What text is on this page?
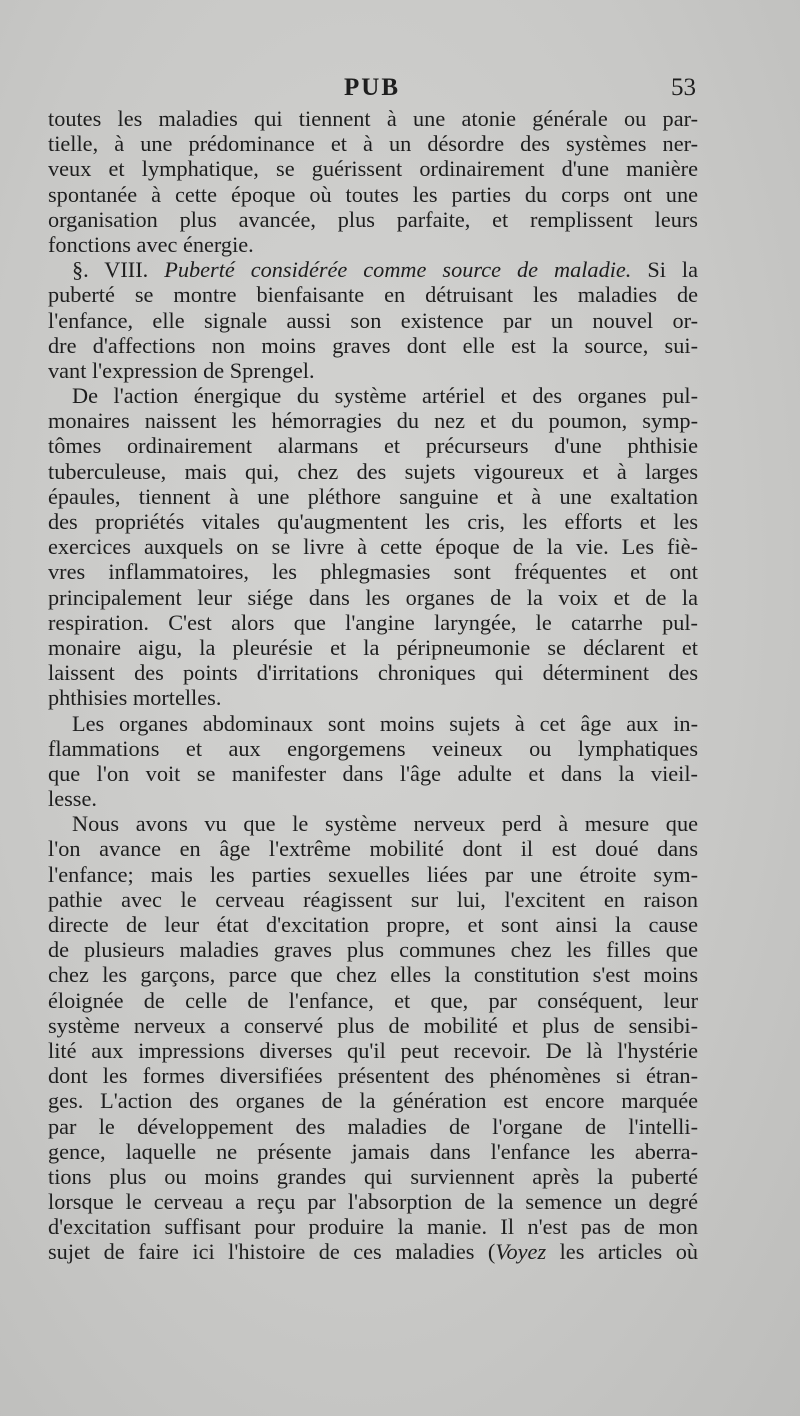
PUB	53
toutes les maladies qui tiennent à une atonie générale ou par-
tielle, à une prédominance et à un désordre des systèmes ner-
veux et lymphatique, se guérissent ordinairement d'une manière
spontanée à cette époque où toutes les parties du corps ont une
organisation plus avancée, plus parfaite, et remplissent leurs
fonctions avec énergie.
§. VIII. Puberté considérée comme source de maladie. Si la
puberté se montre bienfaisante en détruisant les maladies de
l'enfance, elle signale aussi son existence par un nouvel or-
dre d'affections non moins graves dont elle est la source, sui-
vant l'expression de Sprengel.
De l'action énergique du système artériel et des organes pul-
monaires naissent les hémorragies du nez et du poumon, symp-
tômes ordinairement alarmans et précurseurs d'une phthisie
tuberculeuse, mais qui, chez des sujets vigoureux et à larges
épaules, tiennent à une pléthore sanguine et à une exaltation
des propriétés vitales qu'augmentent les cris, les efforts et les
exercices auxquels on se livre à cette époque de la vie. Les fiè-
vres inflammatoires, les phlegmasies sont fréquentes et ont
principalement leur siége dans les organes de la voix et de la
respiration. C'est alors que l'angine laryngée, le catarrhe pul-
monaire aigu, la pleurésie et la péripneumonie se déclarent et
laissent des points d'irritations chroniques qui déterminent des
phthisies mortelles.
Les organes abdominaux sont moins sujets à cet âge aux in-
flammations et aux engorgemens veineux ou lymphatiques
que l'on voit se manifester dans l'âge adulte et dans la vieil-
lesse.
Nous avons vu que le système nerveux perd à mesure que
l'on avance en âge l'extrême mobilité dont il est doué dans
l'enfance; mais les parties sexuelles liées par une étroite sym-
pathie avec le cerveau réagissent sur lui, l'excitent en raison
directe de leur état d'excitation propre, et sont ainsi la cause
de plusieurs maladies graves plus communes chez les filles que
chez les garçons, parce que chez elles la constitution s'est moins
éloignée de celle de l'enfance, et que, par conséquent, leur
système nerveux a conservé plus de mobilité et plus de sensibi-
lité aux impressions diverses qu'il peut recevoir. De là l'hystérie
dont les formes diversifiées présentent des phénomènes si étran-
ges. L'action des organes de la génération est encore marquée
par le développement des maladies de l'organe de l'intelli-
gence, laquelle ne présente jamais dans l'enfance les aberra-
tions plus ou moins grandes qui surviennent après la puberté
lorsque le cerveau a reçu par l'absorption de la semence un degré
d'excitation suffisant pour produire la manie. Il n'est pas de mon
sujet de faire ici l'histoire de ces maladies (Voyez les articles où
